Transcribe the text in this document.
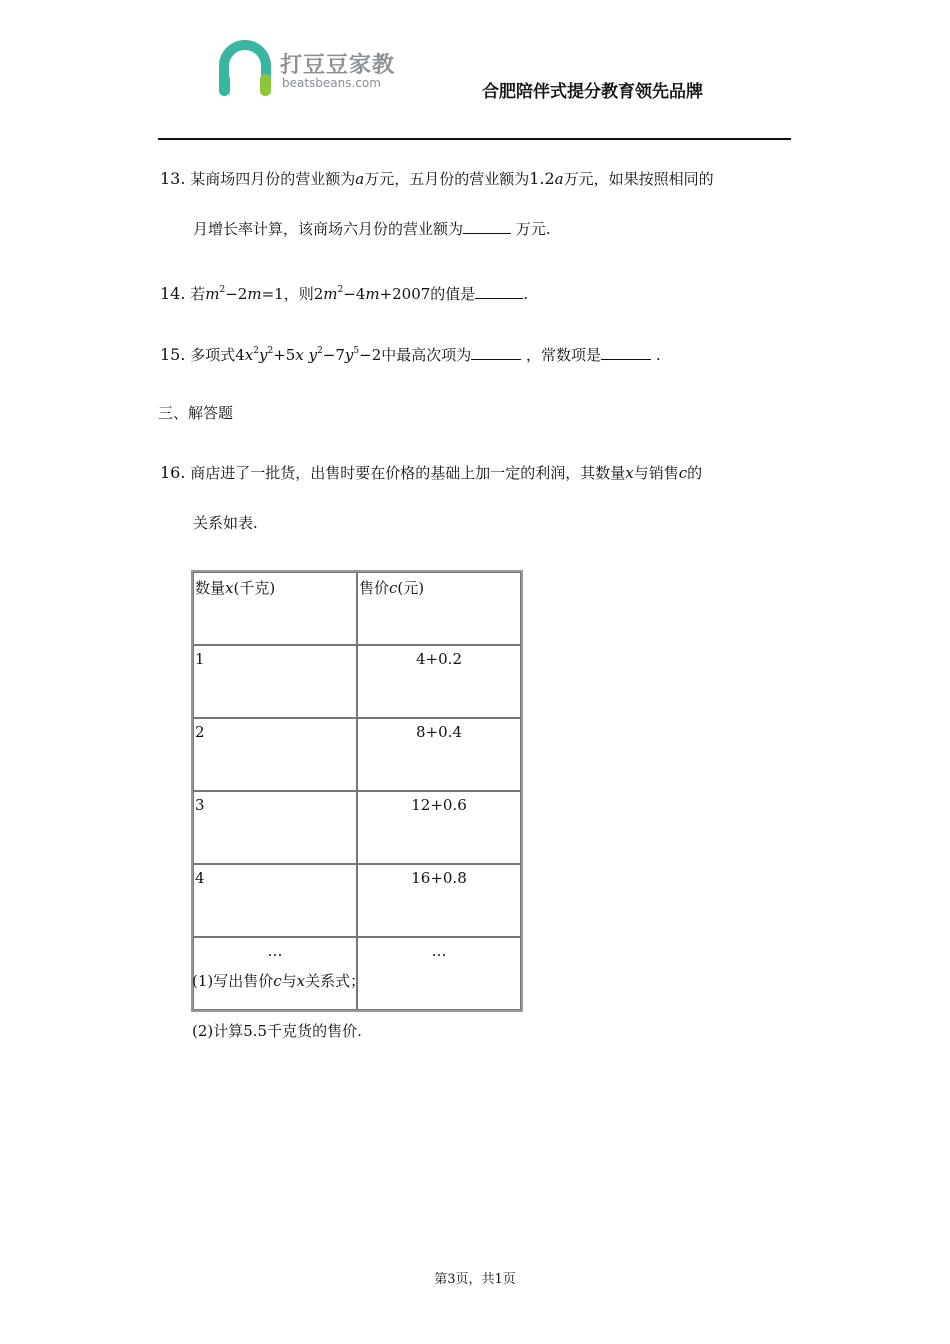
打豆豆家教
beatsbeans.com	合肥陪伴式提分教育领先品牌
13. 某商场四月份的营业额为a万元，五月份的营业额为1.2a万元，如果按照相同的
月增长率计算，该商场六月份的营业额为	万元.
14. 若$m^2-2m=1$，则$2m^2-4m+2007$的值是	.
15. 多项式$4x^2y^2+5x$ $y^2-7y^5-2$中最高次项为	，常数项是	.
三、解答题
16. 商店进了一批货，出售时要在价格的基础上加一定的利润，其数量x与销售c的
关系如表.
数量x(千克)	售价c(元)
1	4+0.2
2	8+0.4
3	12+0.6
4	16+0.8
…	…
(1)写出售价c与x关系式；
(2)计算5.5千克货的售价.
第3页，共1页
